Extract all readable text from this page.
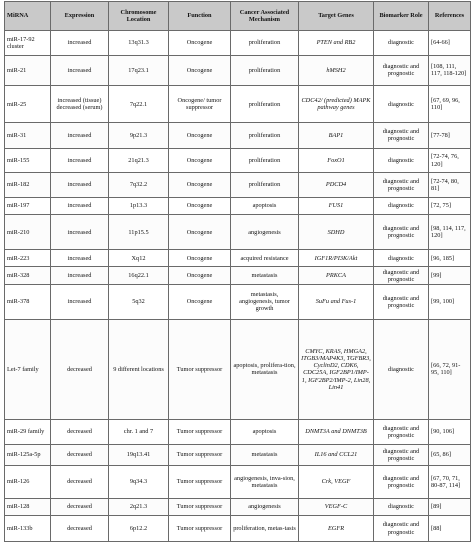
MiRNA	Expression	Chromosome Location	Function	Cancer Associated Mechanism	Target Genes	Biomarker Role	References
miR-17-92 cluster	increased	13q31.3	Oncogene	proliferation	PTEN and RB2	diagnostic	[64-66]
miR-21	increased	17q23.1	Oncogene	proliferation	hMSH2	diagnostic and prognostic	[108, 111, 117, 118-120]
miR-25	increased (tissue) decreased (serum)	7q22.1	Oncogene/ tumor suppressor	proliferation	CDC42/ (predicted) MAPK pathway genes	diagnostic	[67, 69, 96, 110]
miR-31	increased	9p21.3	Oncogene	proliferation	BAP1	diagnostic and prognostic	[77-78]
miR-155	increased	21q21.3	Oncogene	proliferation	FoxO1	diagnostic	[72-74, 76, 120]
miR-182	increased	7q32.2	Oncogene	proliferation	PDCD4	diagnostic and prognostic	[72-74, 80, 81]
miR-197	increased	1p13.3	Oncogene	apoptosis	FUS1	diagnostic	[72, 75]
miR-210	increased	11p15.5	Oncogene	angiogenesis	SDHD	diagnostic and prognostic	[98, 114, 117, 120]
miR-223	increased	Xq12	Oncogene	acquired resistance	IGF1R/PI3K/Akt	diagnostic	[96, 185]
miR-328	increased	16q22.1	Oncogene	metastasis	PRKCA	diagnostic and prognostic	[99]
miR-378	increased	5q32	Oncogene	metastasis, angiogenesis, tumor growth	SuFu and Fus-1	diagnostic and prognostic	[99, 100]
Let-7 family	decreased	9 different locations	Tumor suppressor	apoptosis, prolifera-tion, metastasis	CMYC, KRAS, HMGA2, ITGB3/MAP4K3, TGFBR3, CyclinD2, CDK6, CDC25A, IGF2BP1/IMP-1, IGF2BP2/IMP-2, Lin28, Lin41	diagnostic	[66, 72, 91-95, 110]
miR-29 family	decreased	chr. 1 and 7	Tumor suppressor	apoptosis	DNMT3A and DNMT3B	diagnostic and prognostic	[90, 106]
miR-125a-5p	decreased	19q13.41	Tumor suppressor	metastasis	IL16 and CCL21	diagnostic and prognostic	[65, 86]
miR-126	decreased	9q34.3	Tumor suppressor	angiogenesis, inva-sion, metastasis	Crk, VEGF	diagnostic and prognostic	[67, 70, 71, 80-87, 114]
miR-128	decreased	2q21.3	Tumor suppressor	angiogenesis	VEGF-C	diagnostic	[89]
miR-133b	decreased	6p12.2	Tumor suppressor	proliferation, metas-tasis	EGFR	diagnostic and prognostic	[88]
